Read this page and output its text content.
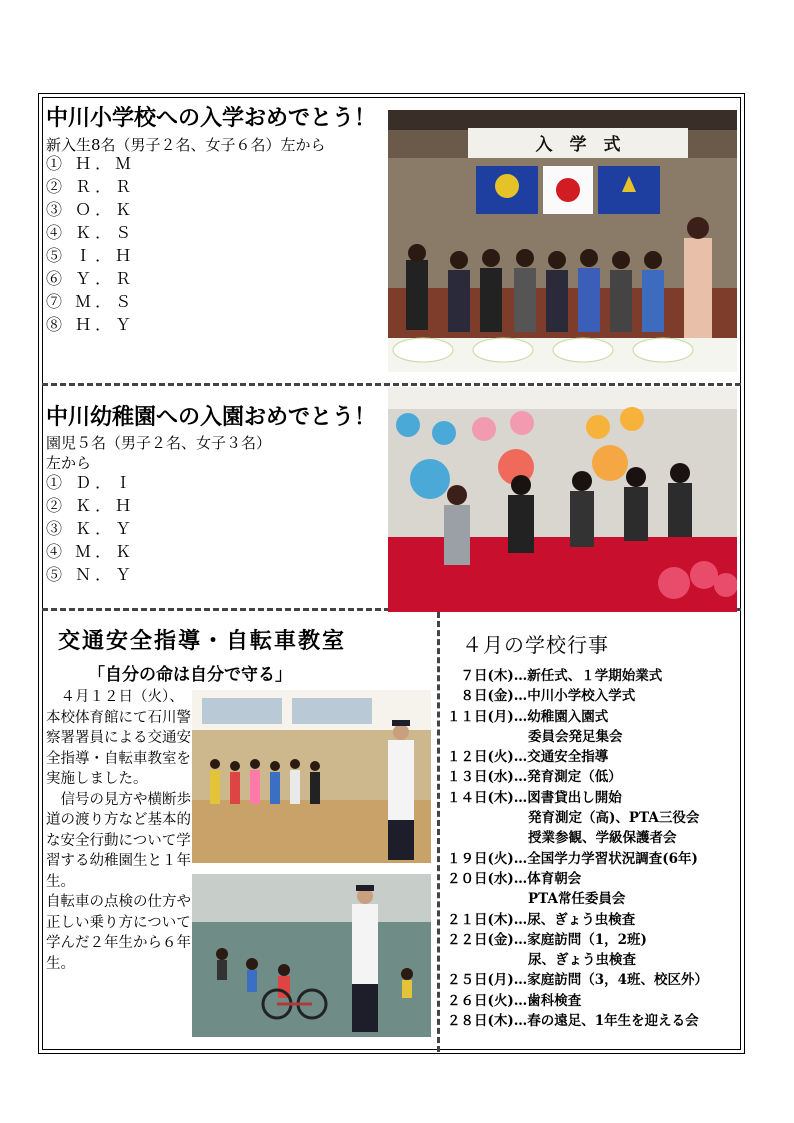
中川小学校への入学おめでとう！
新入生8名（男子２名、女子６名）左から
① Ｈ．Ｍ
② Ｒ．Ｒ
③ Ｏ．Ｋ
④ Ｋ．Ｓ
⑤ Ｉ．Ｈ
⑥ Ｙ．Ｒ
⑦ Ｍ．Ｓ
⑧ Ｈ．Ｙ
入　学　式
中川幼稚園への入園おめでとう！
園児５名（男子２名、女子３名）
左から
① Ｄ．Ｉ
② Ｋ．Ｈ
③ Ｋ．Ｙ
④ Ｍ．Ｋ
⑤ Ｎ．Ｙ
交通安全指導・自転車教室
「自分の命は自分で守る」

　４月１２日（火）、本校体育館にて石川警察署署員による交通安全指導・自転車教室を実施しました。

　信号の見方や横断歩道の渡り方など基本的な安全行動について学習する幼稚園生と１年生。

自転車の点検の仕方や正しい乗り方について学んだ２年生から６年生。

４月の学校行事
　７日(木)…新任式、１学期始業式
　８日(金)…中川小学校入学式
１１日(月)…幼稚園入園式
　　　　　　委員会発足集会
１２日(火)…交通安全指導
１３日(水)…発育測定（低）
１４日(木)…図書貸出し開始
　　　　　　発育測定（高)、PTA三役会
　　　　　　授業参観、学級保護者会
１９日(火)…全国学力学習状況調査(6年)
２０日(水)…体育朝会
　　　　　　PTA常任委員会
２１日(木)…尿、ぎょう虫検査
２２日(金)…家庭訪問（1，2班)
　　　　　　尿、ぎょう虫検査
２５日(月)…家庭訪問（3，4班、校区外）
２６日(火)…歯科検査
２８日(木)…春の遠足、1年生を迎える会
